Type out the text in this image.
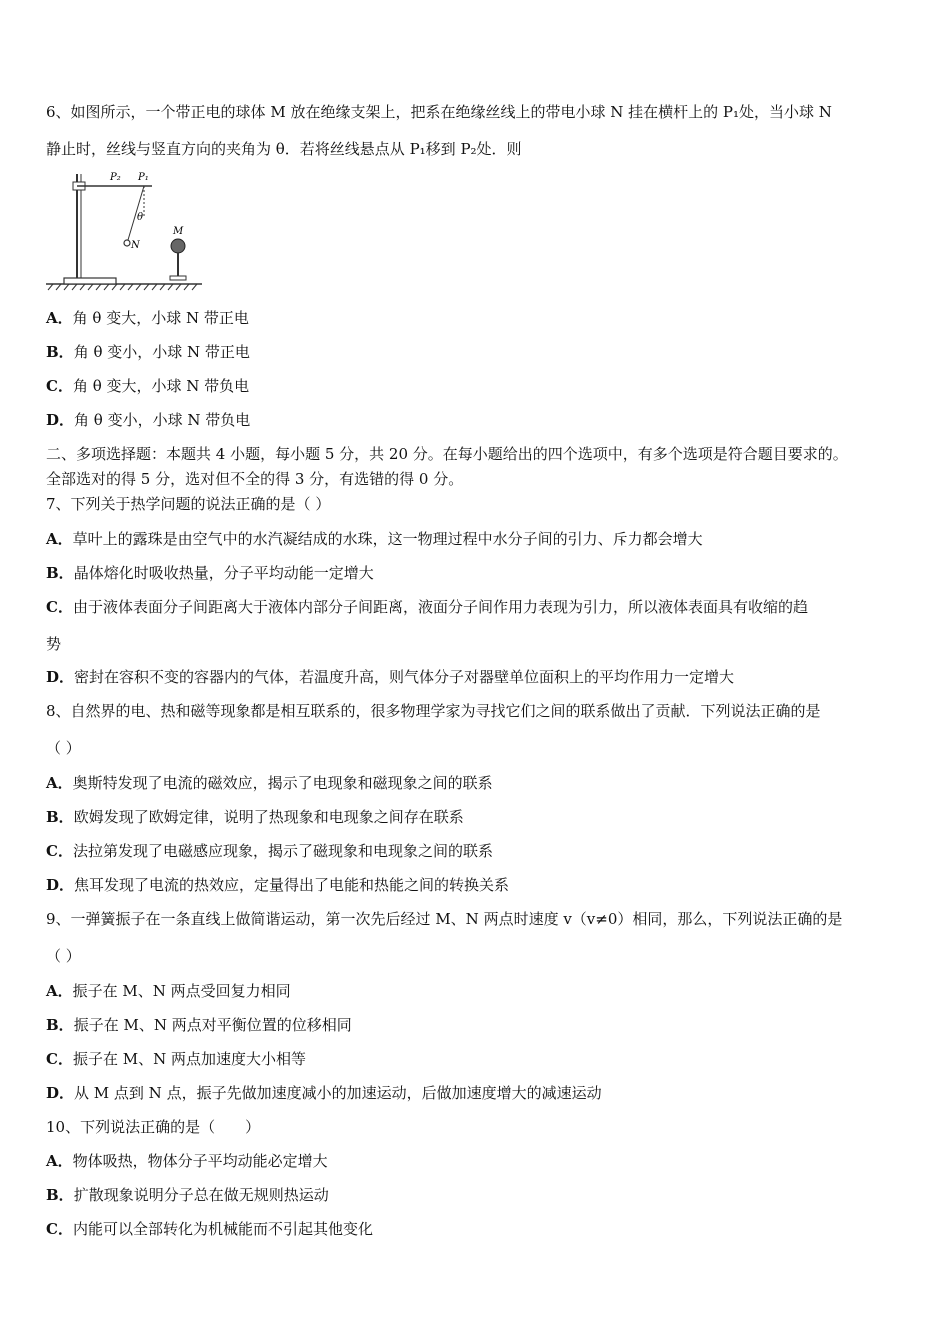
6、如图所示，一个带正电的球体 M 放在绝缘支架上，把系在绝缘丝线上的带电小球 N 挂在横杆上的 P₁处，当小球 N
静止时，丝线与竖直方向的夹角为 θ．若将丝线悬点从 P₁移到 P₂处．则
P₂ P₁
θ
N
M
A．角 θ 变大，小球 N 带正电
B．角 θ 变小，小球 N 带正电
C．角 θ 变大，小球 N 带负电
D．角 θ 变小，小球 N 带负电
二、多项选择题：本题共 4 小题，每小题 5 分，共 20 分。在每小题给出的四个选项中，有多个选项是符合题目要求的。
全部选对的得 5 分，选对但不全的得 3 分，有选错的得 0 分。
7、下列关于热学问题的说法正确的是（ ）
A．草叶上的露珠是由空气中的水汽凝结成的水珠，这一物理过程中水分子间的引力、斥力都会增大
B．晶体熔化时吸收热量，分子平均动能一定增大
C．由于液体表面分子间距离大于液体内部分子间距离，液面分子间作用力表现为引力，所以液体表面具有收缩的趋
势
D．密封在容积不变的容器内的气体，若温度升高，则气体分子对器壁单位面积上的平均作用力一定增大
8、自然界的电、热和磁等现象都是相互联系的，很多物理学家为寻找它们之间的联系做出了贡献．下列说法正确的是
（ ）
A．奥斯特发现了电流的磁效应，揭示了电现象和磁现象之间的联系
B．欧姆发现了欧姆定律，说明了热现象和电现象之间存在联系
C．法拉第发现了电磁感应现象，揭示了磁现象和电现象之间的联系
D．焦耳发现了电流的热效应，定量得出了电能和热能之间的转换关系
9、一弹簧振子在一条直线上做简谐运动，第一次先后经过 M、N 两点时速度 v（v≠0）相同，那么，下列说法正确的是
（ ）
A．振子在 M、N 两点受回复力相同
B．振子在 M、N 两点对平衡位置的位移相同
C．振子在 M、N 两点加速度大小相等
D．从 M 点到 N 点，振子先做加速度减小的加速运动，后做加速度增大的减速运动
10、下列说法正确的是（　　）
A．物体吸热，物体分子平均动能必定增大
B．扩散现象说明分子总在做无规则热运动
C．内能可以全部转化为机械能而不引起其他变化
